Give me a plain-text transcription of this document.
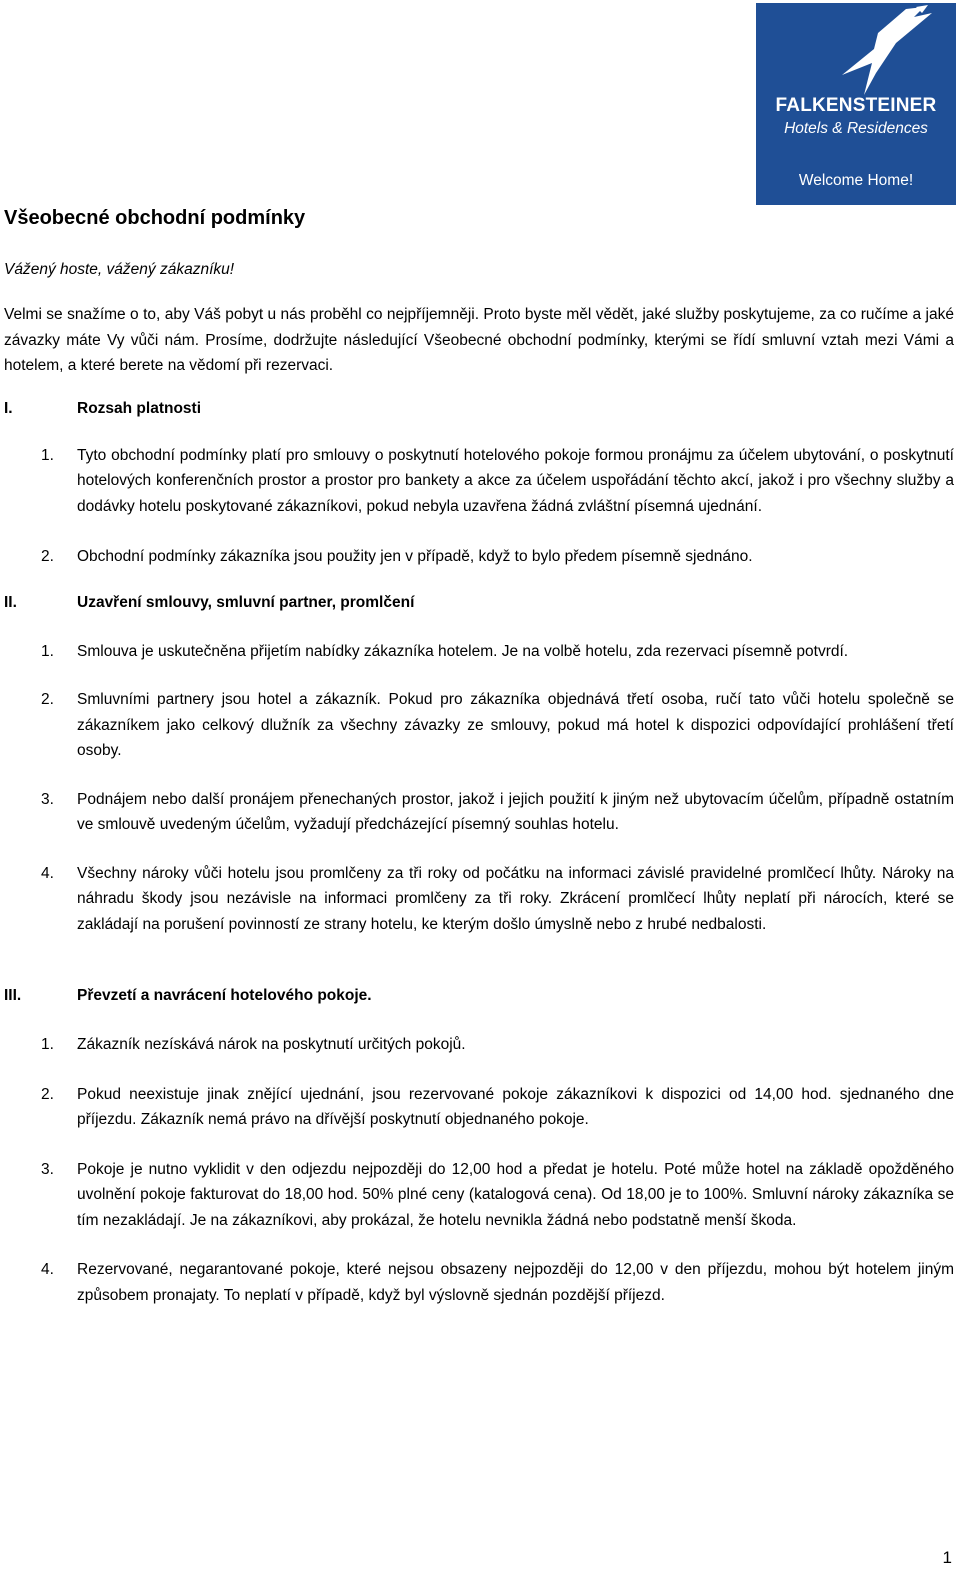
FALKENSTEINER
Hotels & Residences
Welcome Home!
Všeobecné obchodní podmínky
Vážený hoste, vážený zákazníku!
Velmi se snažíme o to, aby Váš pobyt u nás proběhl co nejpříjemněji. Proto byste měl vědět, jaké služby poskytujeme, za co ručíme a jaké závazky máte Vy vůči nám. Prosíme, dodržujte následující Všeobecné obchodní podmínky, kterými se řídí smluvní vztah mezi Vámi a hotelem, a které berete na vědomí při rezervaci.
I.	Rozsah platnosti
1.	Tyto obchodní podmínky platí pro smlouvy o poskytnutí hotelového pokoje formou pronájmu za účelem ubytování, o poskytnutí hotelových konferenčních prostor a prostor pro bankety a akce za účelem uspořádání těchto akcí, jakož i pro všechny služby a dodávky hotelu poskytované zákazníkovi, pokud nebyla uzavřena žádná zvláštní písemná ujednání.
2.	Obchodní podmínky zákazníka jsou použity jen v případě, když to bylo předem písemně sjednáno.
II.	Uzavření smlouvy, smluvní partner, promlčení
1.	Smlouva je uskutečněna přijetím nabídky zákazníka hotelem. Je na volbě hotelu, zda rezervaci písemně potvrdí.
2.	Smluvními partnery jsou hotel a zákazník. Pokud pro zákazníka objednává třetí osoba, ručí tato vůči hotelu společně se zákazníkem jako celkový dlužník za všechny závazky ze smlouvy, pokud má hotel k dispozici odpovídající prohlášení třetí osoby.
3.	Podnájem nebo další pronájem přenechaných prostor, jakož i jejich použití k jiným než ubytovacím účelům, případně ostatním ve smlouvě uvedeným účelům, vyžadují předcházející písemný souhlas hotelu.
4.	Všechny nároky vůči hotelu jsou promlčeny za tři roky od počátku na informaci závislé pravidelné promlčecí lhůty. Nároky na náhradu škody jsou nezávisle na informaci promlčeny za tři roky. Zkrácení promlčecí lhůty neplatí při nárocích, které se zakládají na porušení povinností ze strany hotelu, ke kterým došlo úmyslně nebo z hrubé nedbalosti.
III.	Převzetí a navrácení hotelového pokoje.
1.	Zákazník nezískává nárok na poskytnutí určitých pokojů.
2.	Pokud neexistuje jinak znějící ujednání, jsou rezervované pokoje zákazníkovi k dispozici od 14,00 hod. sjednaného dne příjezdu. Zákazník nemá právo na dřívější poskytnutí objednaného pokoje.
3.	Pokoje je nutno vyklidit v den odjezdu nejpozději do 12,00 hod a předat je hotelu. Poté může hotel na základě opožděného uvolnění pokoje fakturovat do 18,00 hod. 50% plné ceny (katalogová cena). Od 18,00 je to 100%. Smluvní nároky zákazníka se tím nezakládají. Je na zákazníkovi, aby prokázal, že hotelu nevnikla žádná nebo podstatně menší škoda.
4.	Rezervované, negarantované pokoje, které nejsou obsazeny nejpozději do 12,00 v den příjezdu, mohou být hotelem jiným způsobem pronajaty. To neplatí v případě, když byl výslovně sjednán pozdější příjezd.
1
